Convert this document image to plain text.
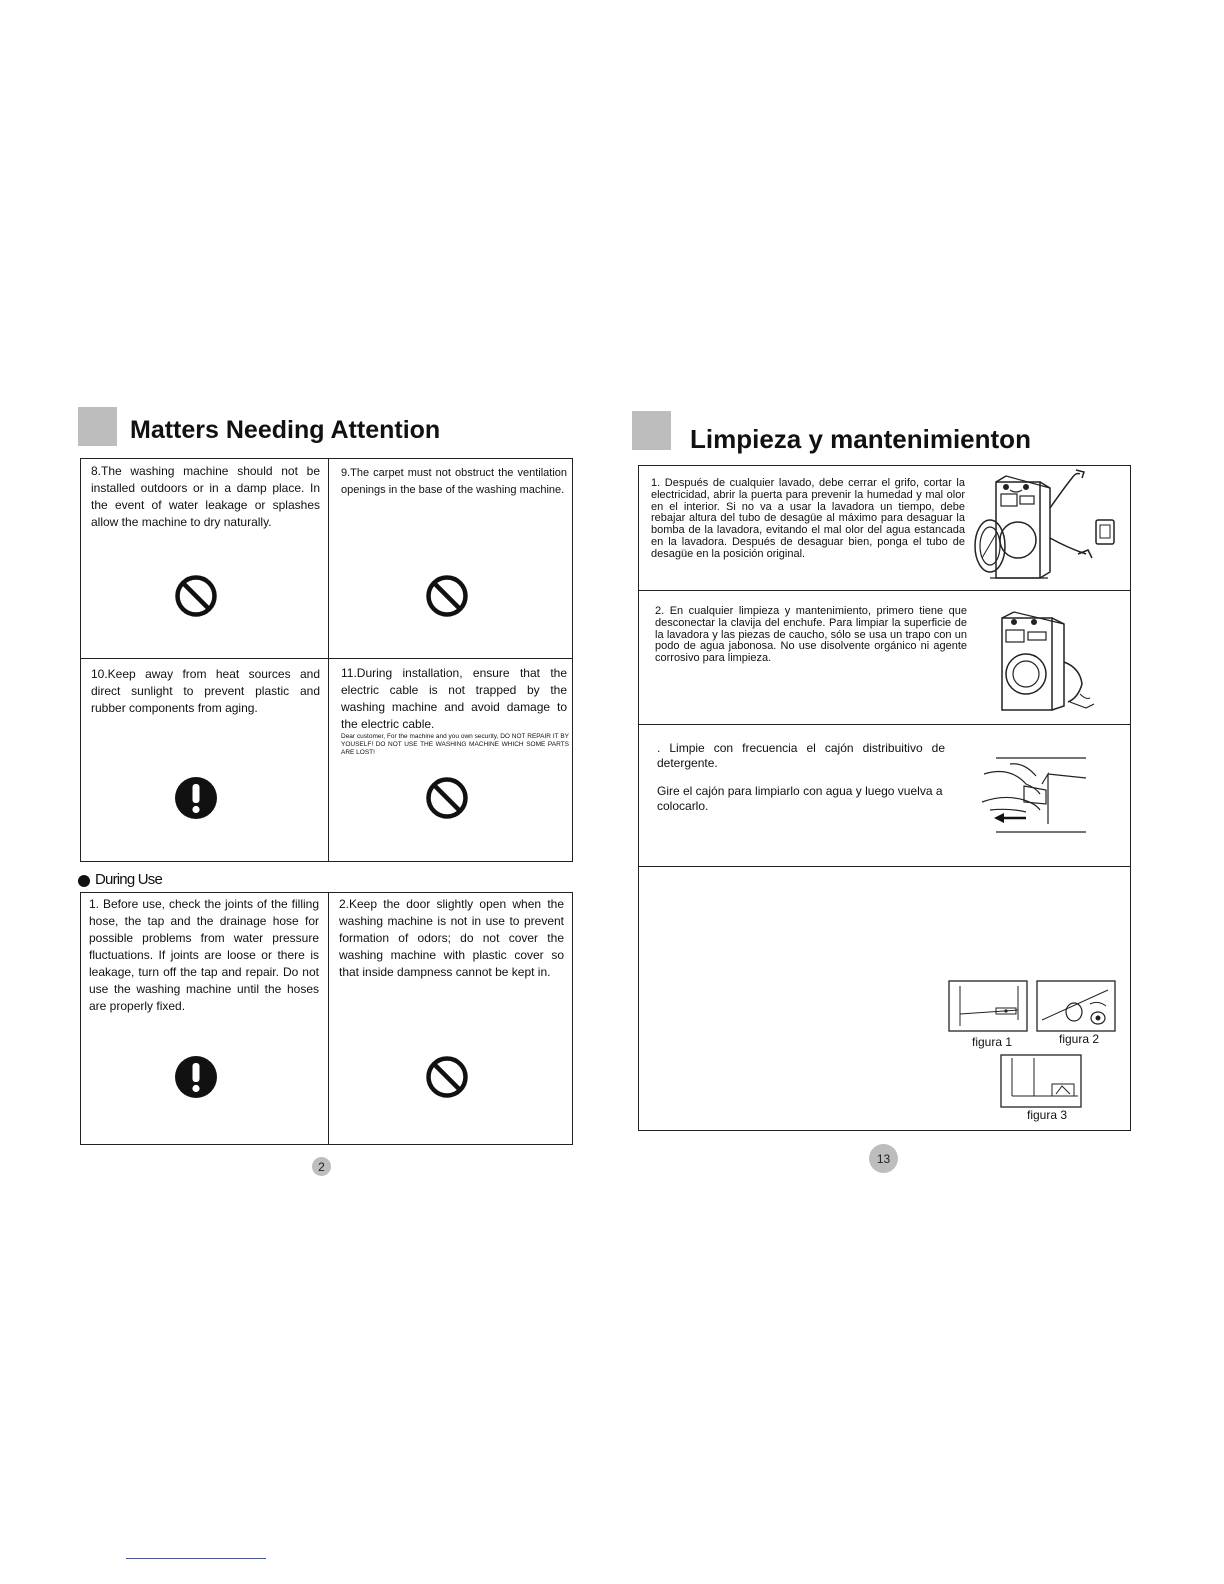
Matters Needing Attention
8.The washing machine should not be installed outdoors or in a damp place. In the event of water leakage or splashes allow the machine to dry naturally.
9.The carpet must not obstruct the ventilation openings in the base of the washing machine.
10.Keep away from heat sources and direct sunlight to prevent plastic and rubber components from aging.
11.During installation, ensure that the electric cable is not trapped by the washing machine and avoid damage to the electric cable.
Dear customer, For the machine and you own security, DO NOT REPAIR IT BY YOUSELF! DO NOT USE THE WASHING MACHINE WHICH SOME PARTS ARE LOST!
During Use
1. Before use, check the joints of the filling hose, the tap and the drainage hose for possible problems from water pressure fluctuations. If joints are loose or there is leakage, turn off the tap and repair. Do not use the washing machine until the hoses are properly fixed.
2.Keep the door slightly open when the washing machine is not in use to prevent formation of odors; do not cover the washing machine with plastic cover so that inside dampness cannot be kept in.
2
Limpieza y mantenimienton
1. Después de cualquier lavado, debe cerrar el grifo, cortar la electricidad, abrir la puerta para prevenir la humedad y mal olor en el interior. Si no va a usar la lavadora un tiempo, debe rebajar altura del tubo de desagüe al máximo para desaguar la bomba de la lavadora, evitando el mal olor del agua estancada en la lavadora. Después de desaguar bien, ponga el tubo de desagüe en la posición original.
2. En cualquier limpieza y mantenimiento, primero tiene que desconectar la clavija del enchufe. Para limpiar la superficie de la lavadora y las piezas de caucho, sólo se usa un trapo con un podo de agua jabonosa. No use disolvente orgánico ni agente corrosivo para limpieza.
. Limpie con frecuencia el cajón distribuitivo de detergente.
Gire el cajón para limpiarlo con agua y luego vuelva a colocarlo.
figura 1	figura 2
figura 3
13
